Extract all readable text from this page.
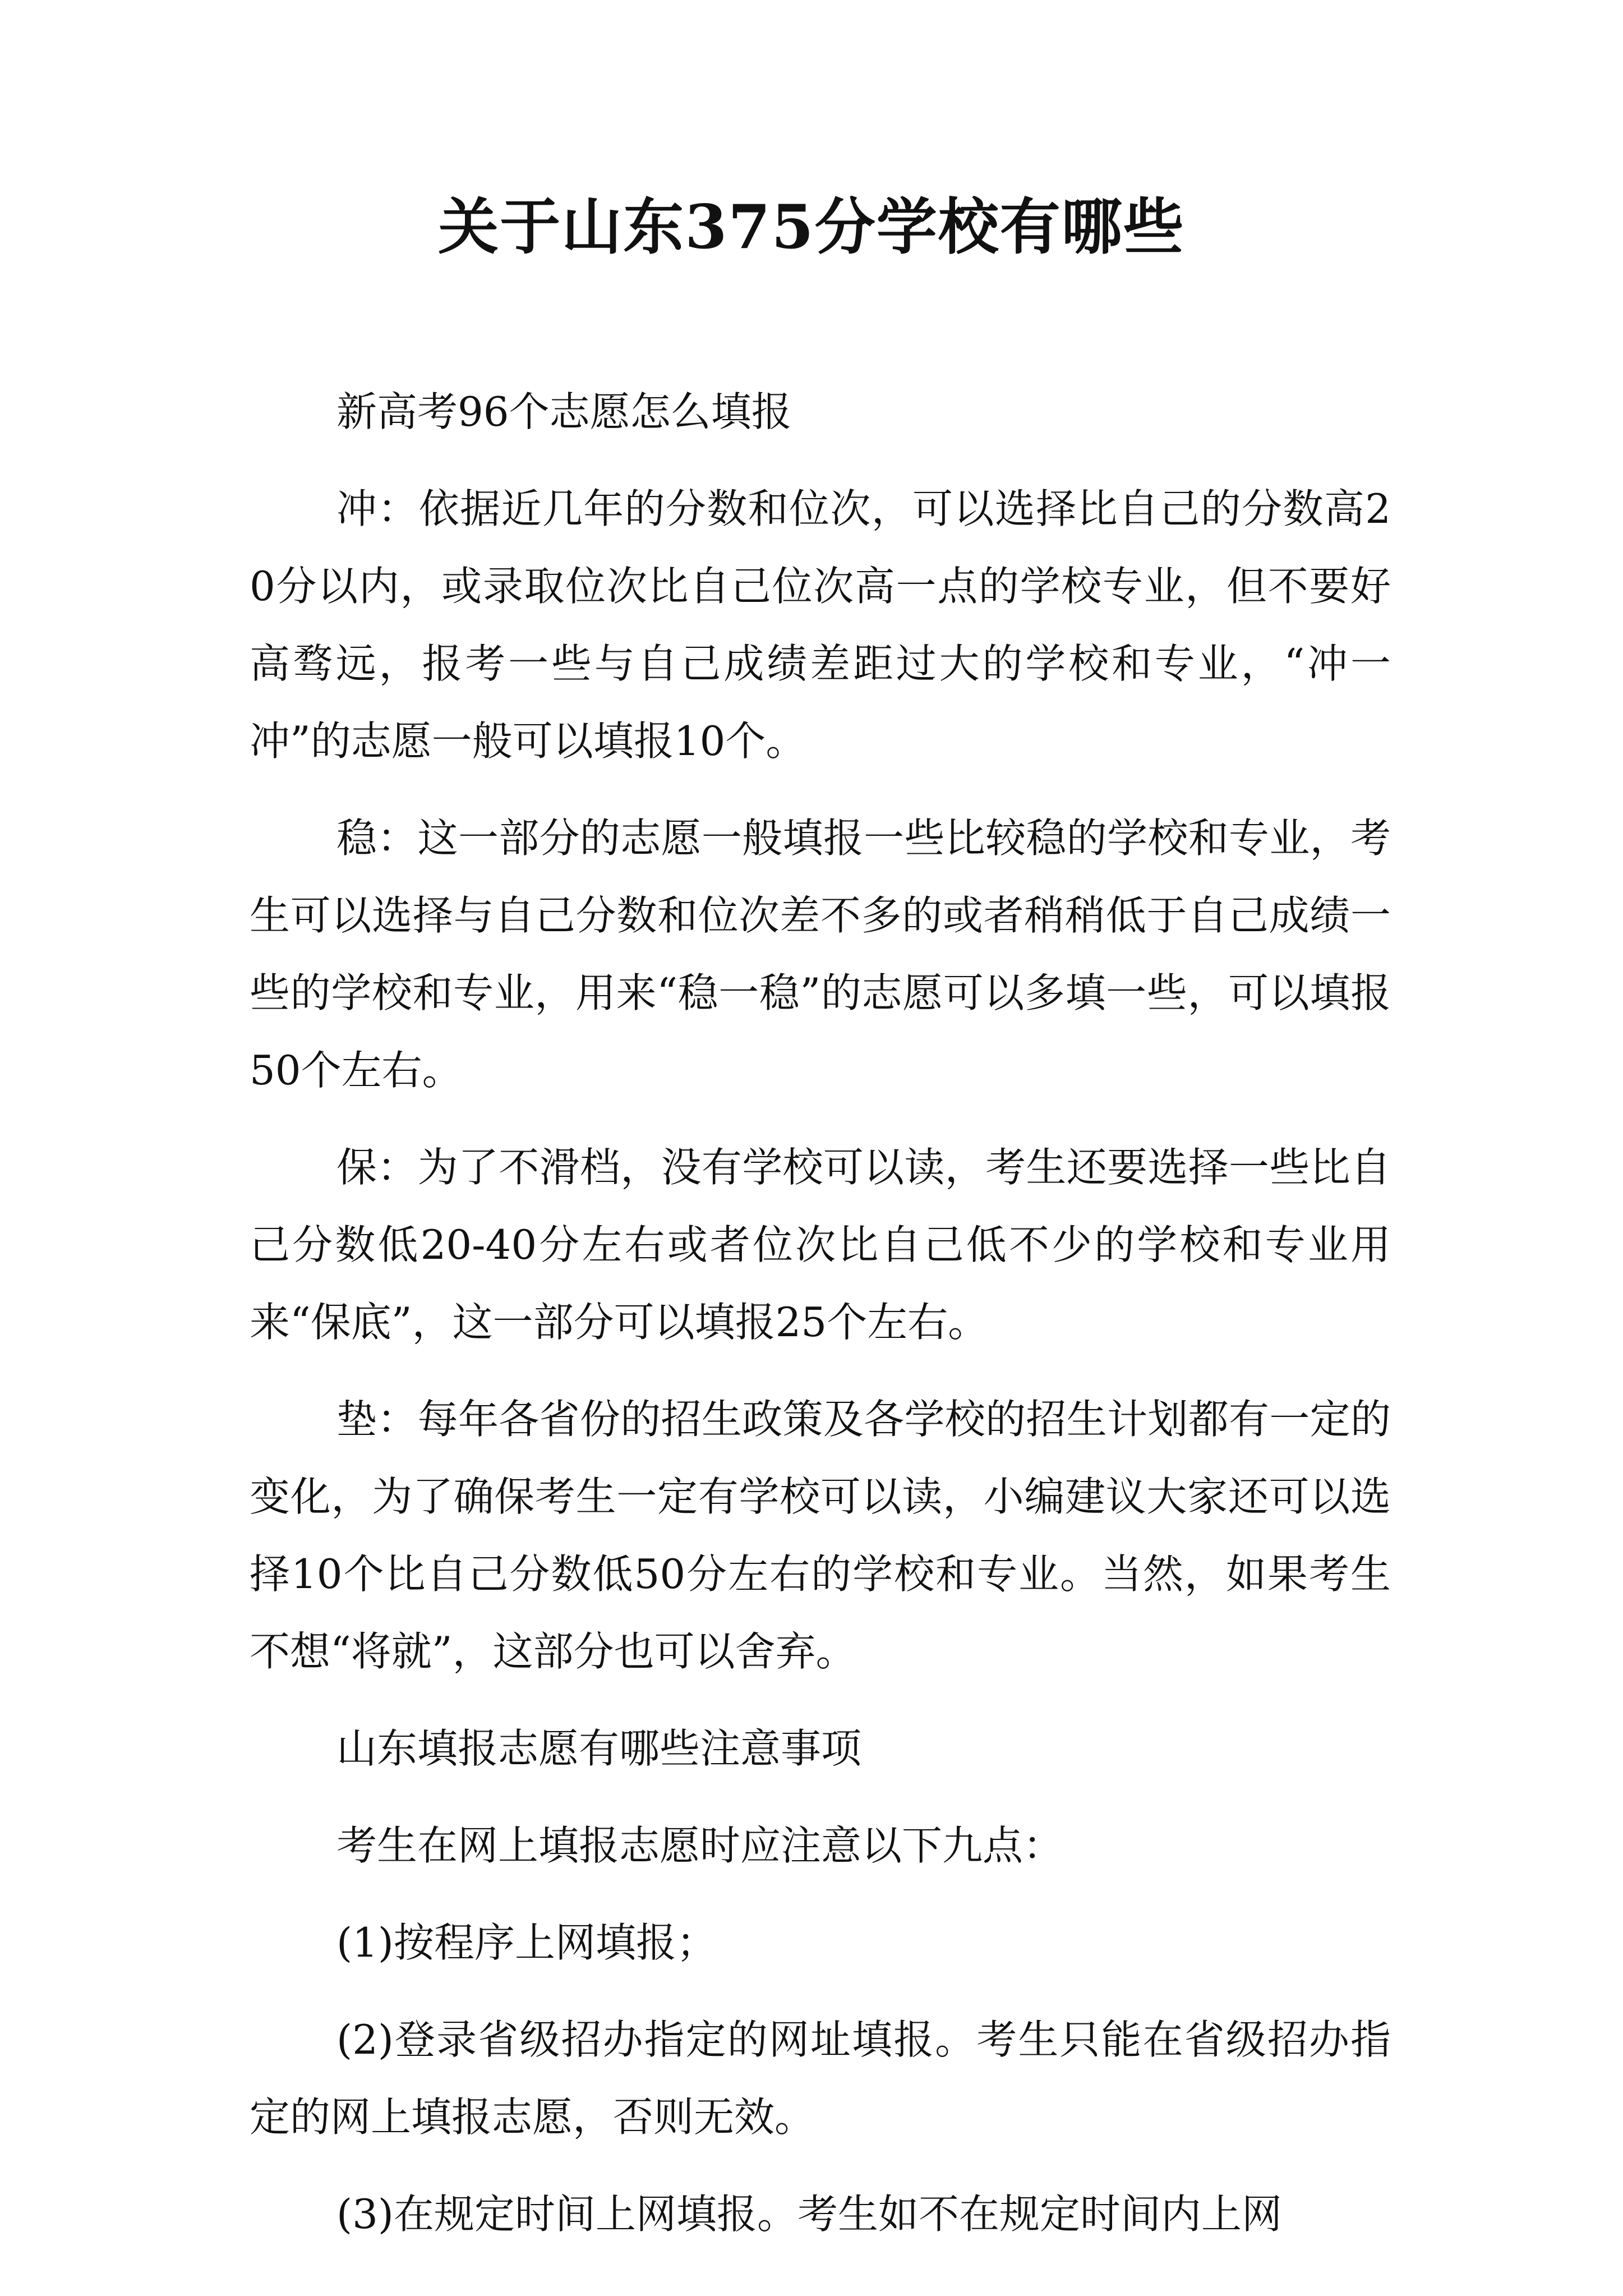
关于山东375分学校有哪些

新高考96个志愿怎么填报

冲：依据近几年的分数和位次，可以选择比自己的分数高20分以内，或录取位次比自己位次高一点的学校专业，但不要好高骛远，报考一些与自己成绩差距过大的学校和专业，“冲一冲”的志愿一般可以填报10个。

稳：这一部分的志愿一般填报一些比较稳的学校和专业，考生可以选择与自己分数和位次差不多的或者稍稍低于自己成绩一些的学校和专业，用来“稳一稳”的志愿可以多填一些，可以填报50个左右。

保：为了不滑档，没有学校可以读，考生还要选择一些比自己分数低20-40分左右或者位次比自己低不少的学校和专业用来“保底”，这一部分可以填报25个左右。

垫：每年各省份的招生政策及各学校的招生计划都有一定的变化，为了确保考生一定有学校可以读，小编建议大家还可以选择10个比自己分数低50分左右的学校和专业。当然，如果考生不想“将就”，这部分也可以舍弃。

山东填报志愿有哪些注意事项

考生在网上填报志愿时应注意以下九点：

(1)按程序上网填报；

(2)登录省级招办指定的网址填报。考生只能在省级招办指定的网上填报志愿，否则无效。

(3)在规定时间上网填报。考生如不在规定时间内上网
